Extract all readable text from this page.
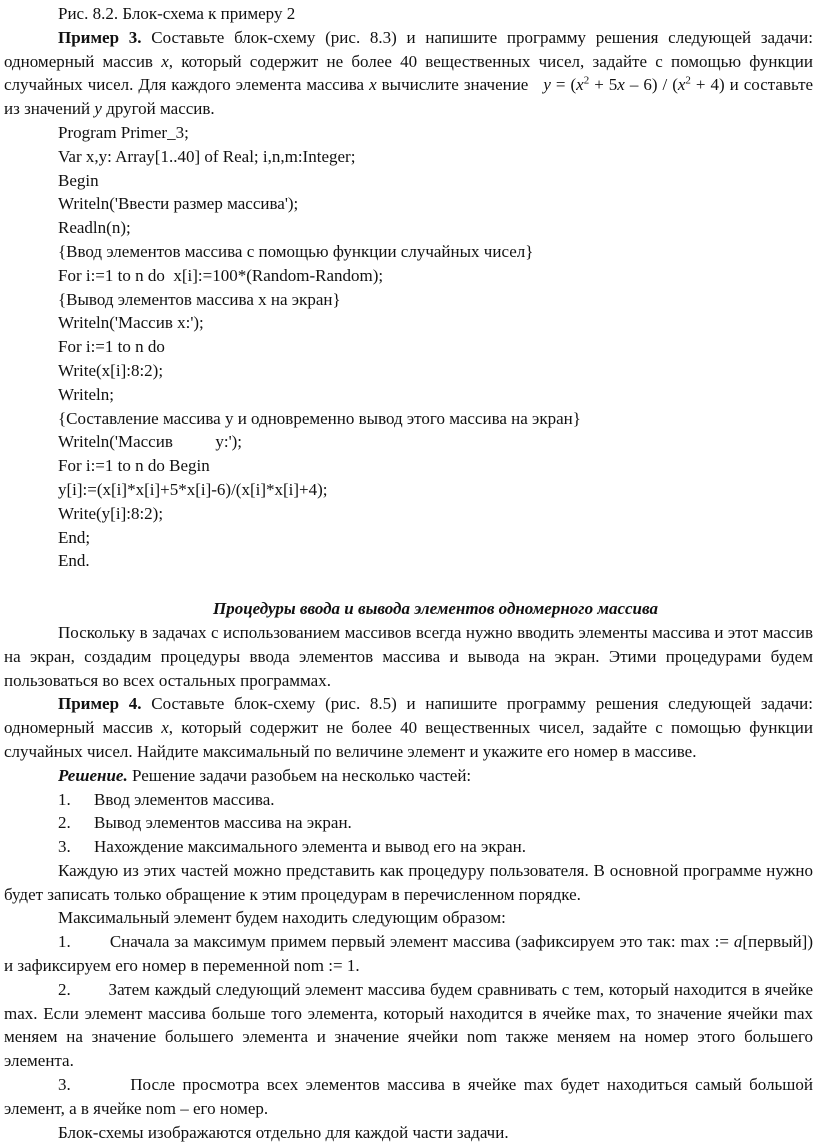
Рис. 8.2. Блок-схема к примеру 2

Пример 3. Составьте блок-схему (рис. 8.3) и напишите программу решения следующей задачи: одномерный массив x, который содержит не более 40 вещественных чисел, задайте с помощью функции случайных чисел. Для каждого элемента массива x вычислите значение   $y = (x^2 + 5x - 6) / (x^2 + 4)$ и составьте из значений y другой массив.

Program Primer_3;

Var x,y: Array[1..40] of Real; i,n,m:Integer;

Begin

Writeln('Ввести размер массива');

Readln(n);

{Ввод элементов массива с помощью функции случайных чисел}

For i:=1 to n do  x[i]:=100*(Random-Random);

{Вывод элементов массива x на экран}

Writeln('Массив x:');

For i:=1 to n do

Write(x[i]:8:2);

Writeln;

{Составление массива y и одновременно вывод этого массива на экран}

Writeln('Массив          y:');

For i:=1 to n do Begin

y[i]:=(x[i]*x[i]+5*x[i]-6)/(x[i]*x[i]+4);

Write(y[i]:8:2);

End;

End.

Процедуры ввода и вывода элементов одномерного массива

Поскольку в задачах с использованием массивов всегда нужно вводить элементы массива и этот массив на экран, создадим процедуры ввода элементов массива и вывода на экран. Этими процедурами будем пользоваться во всех остальных программах.

Пример 4. Составьте блок-схему (рис. 8.5) и напишите программу решения следующей задачи: одномерный массив x, который содержит не более 40 вещественных чисел, задайте с помощью функции случайных чисел. Найдите максимальный по величине элемент и укажите его номер в массиве.

Решение. Решение задачи разобьем на несколько частей:

1.	Ввод элементов массива.

2.	Вывод элементов массива на экран.

3.	Нахождение максимального элемента и вывод его на экран.

Каждую из этих частей можно представить как процедуру пользователя. В основной программе нужно будет записать только обращение к этим процедурам в перечисленном порядке.

Максимальный элемент будем находить следующим образом:

1. Сначала за максимум примем первый элемент массива (зафиксируем это так: max := a[первый]) и зафиксируем его номер в переменной nom := 1.

2. Затем каждый следующий элемент массива будем сравнивать с тем, который находится в ячейке max. Если элемент массива больше того элемента, который находится в ячейке max, то значение ячейки max меняем на значение большего элемента и значение ячейки nom также меняем на номер этого большего элемента.

3.	После просмотра всех элементов массива в ячейке max будет находиться самый большой элемент, а в ячейке nom – его номер.

Блок-схемы изображаются отдельно для каждой части задачи.
